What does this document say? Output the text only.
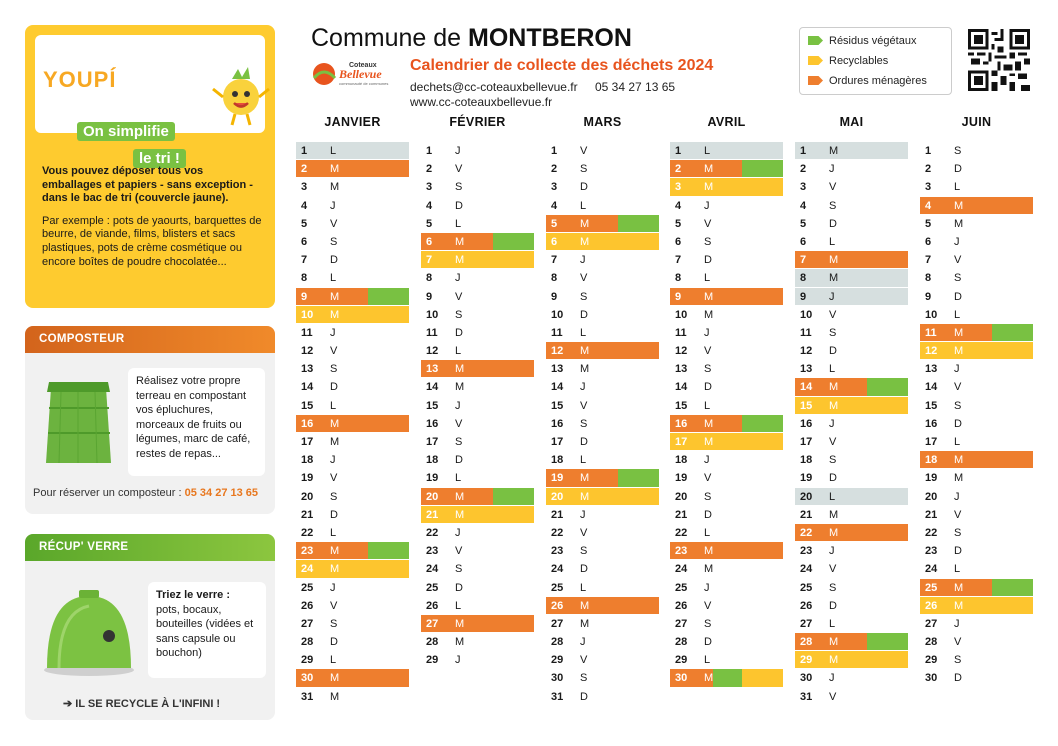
YOUPÍ
On simplifie
le tri !

Vous pouvez déposer tous vos emballages et papiers - sans exception - dans le bac de tri (couvercle jaune).

Par exemple : pots de yaourts, barquettes de beurre, de viande, films, blisters et sacs plastiques, pots de crème cosmétique ou encore boîtes de poudre chocolatée...

COMPOSTEUR
Réalisez votre propre terreau en compostant vos épluchures, morceaux de fruits ou légumes, marc de café, restes de repas...
Pour réserver un composteur : 05 34 27 13 65
RÉCUP' VERRE
Triez le verre :
pots, bocaux, bouteilles (vidées et sans capsule ou bouchon)
➔ IL SE RECYCLE À L'INFINI !
Commune de MONTBERON
Coteaux
Bellevue
communauté de communes
Calendrier de collecte des déchets 2024
dechets@cc-coteauxbellevue.fr 05 34 27 13 65
www.cc-coteauxbellevue.fr
Résidus végétaux
Recyclables
Ordures ménagères
JANVIER
1 L
2 M
3 M
4 J
5 V
6 S
7 D
8 L
9 M
10 M
11 J
12 V
13 S
14 D
15 L
16 M
17 M
18 J
19 V
20 S
21 D
22 L
23 M
24 M
25 J
26 V
27 S
28 D
29 L
30 M
31 M
FÉVRIER
1 J
2 V
3 S
4 D
5 L
6 M
7 M
8 J
9 V
10 S
11 D
12 L
13 M
14 M
15 J
16 V
17 S
18 D
19 L
20 M
21 M
22 J
23 V
24 S
25 D
26 L
27 M
28 M
29 J
MARS
1 V
2 S
3 D
4 L
5 M
6 M
7 J
8 V
9 S
10 D
11 L
12 M
13 M
14 J
15 V
16 S
17 D
18 L
19 M
20 M
21 J
22 V
23 S
24 D
25 L
26 M
27 M
28 J
29 V
30 S
31 D
AVRIL
1 L
2 M
3 M
4 J
5 V
6 S
7 D
8 L
9 M
10 M
11 J
12 V
13 S
14 D
15 L
16 M
17 M
18 J
19 V
20 S
21 D
22 L
23 M
24 M
25 J
26 V
27 S
28 D
29 L
30 M
MAI
1 M
2 J
3 V
4 S
5 D
6 L
7 M
8 M
9 J
10 V
11 S
12 D
13 L
14 M
15 M
16 J
17 V
18 S
19 D
20 L
21 M
22 M
23 J
24 V
25 S
26 D
27 L
28 M
29 M
30 J
31 V
JUIN
1 S
2 D
3 L
4 M
5 M
6 J
7 V
8 S
9 D
10 L
11 M
12 M
13 J
14 V
15 S
16 D
17 L
18 M
19 M
20 J
21 V
22 S
23 D
24 L
25 M
26 M
27 J
28 V
29 S
30 D
